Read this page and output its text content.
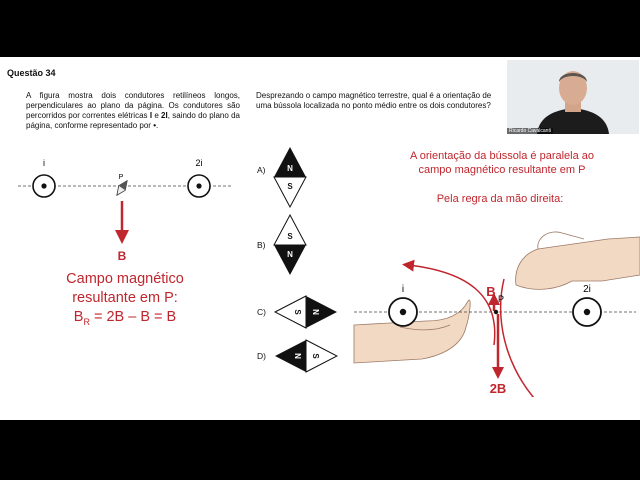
Questão 34
A figura mostra dois condutores retilíneos longos, perpendiculares ao plano da página. Os condutores são percorridos por correntes elétricas I e 2I, saindo do plano da página, conforme representado por •.
Desprezando o campo magnético terrestre, qual é a orientação de uma bússola localizada no ponto médio entre os dois condutores?
i	2i
P
B
Campo magnético
resultante em P:
$B_R = 2B - B = B$
A)	N
S
B)
S
N
C)	S N
D)	N S
A orientação da bússola é paralela ao
campo magnético resultante em P
Pela regra da mão direita:
i	2i
B
2B
P
Ricardo Cavalcanti
